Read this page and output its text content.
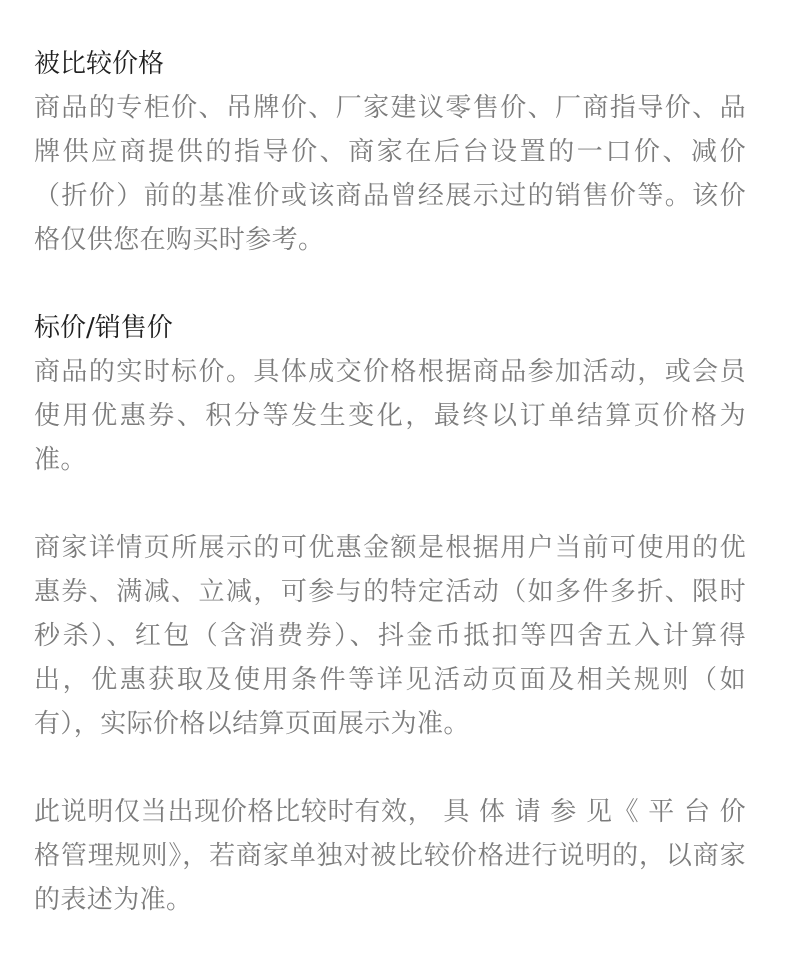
被比较价格

商品的专柜价、吊牌价、厂家建议零售价、厂商指导价、品牌供应商提供的指导价、商家在后台设置的一口价、减价（折价）前的基准价或该商品曾经展示过的销售价等。该价格仅供您在购买时参考。

标价/销售价

商品的实时标价。具体成交价格根据商品参加活动，或会员使用优惠券、积分等发生变化，最终以订单结算页价格为准。

商家详情页所展示的可优惠金额是根据用户当前可使用的优惠券、满减、立减，可参与的特定活动（如多件多折、限时秒杀）、红包（含消费券）、抖金币抵扣等四舍五入计算得出，优惠获取及使用条件等详见活动页面及相关规则（如有），实际价格以结算页面展示为准。

此说明仅当出现价格比较时有效， 具 体 请 参 见《 平 台 价 格管理规则》，若商家单独对被比较价格进行说明的，以商家的表述为准。
